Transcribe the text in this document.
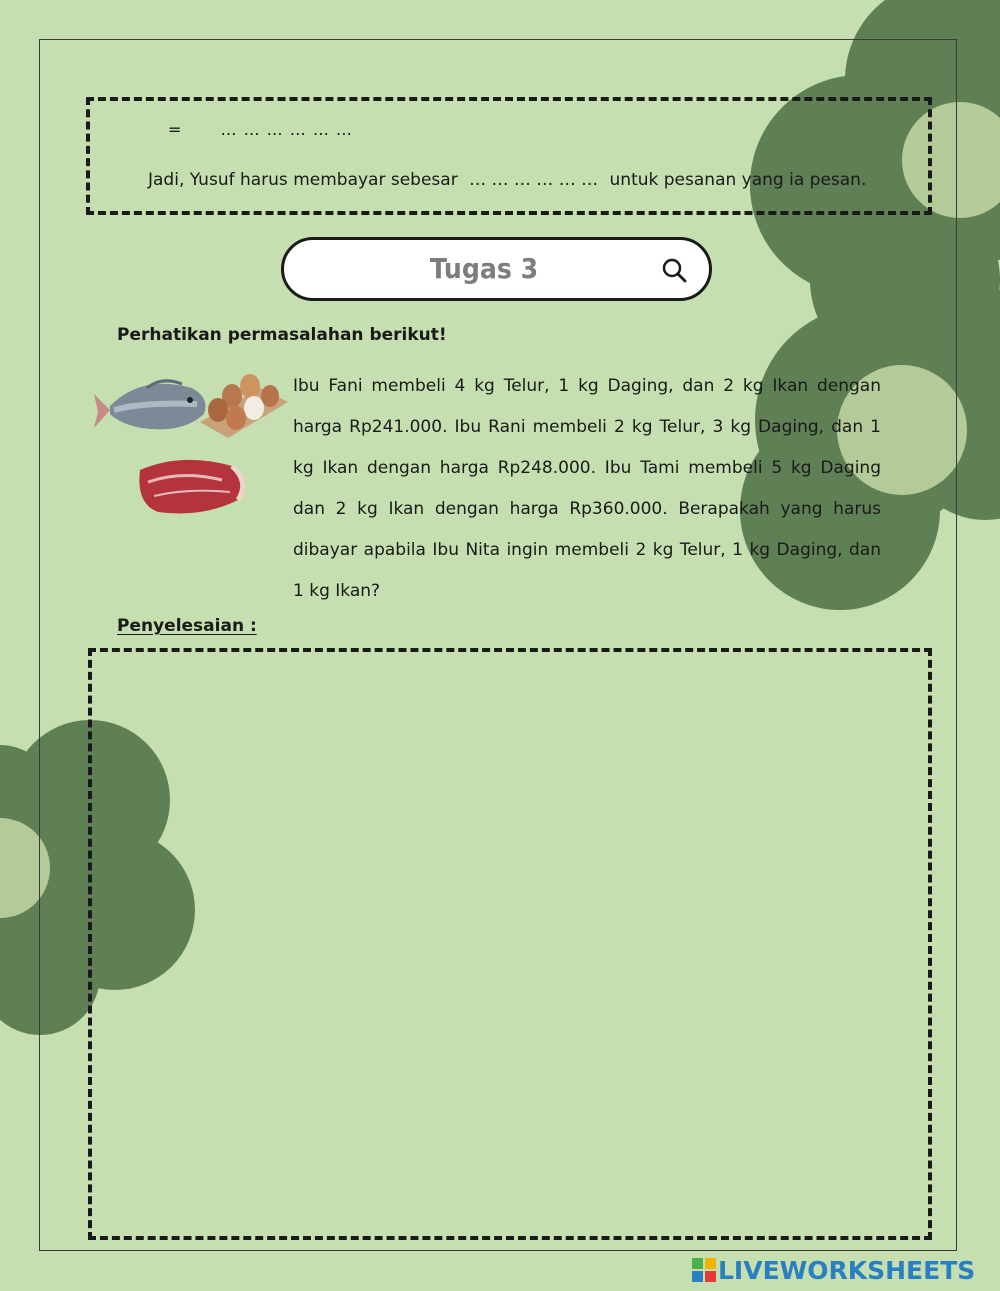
= … … … … … …
Jadi, Yusuf harus membayar sebesar … … … … … … untuk pesanan yang ia pesan.
Tugas 3
Perhatikan permasalahan berikut!
Ibu Fani membeli 4 kg Telur, 1 kg Daging, dan 2 kg Ikan dengan harga Rp241.000. Ibu Rani membeli 2 kg Telur, 3 kg Daging, dan 1 kg Ikan dengan harga Rp248.000. Ibu Tami membeli 5 kg Daging dan 2 kg Ikan dengan harga Rp360.000. Berapakah yang harus dibayar apabila Ibu Nita ingin membeli 2 kg Telur, 1 kg Daging, dan 1 kg Ikan?
Penyelesaian :
LIVEWORKSHEETS
